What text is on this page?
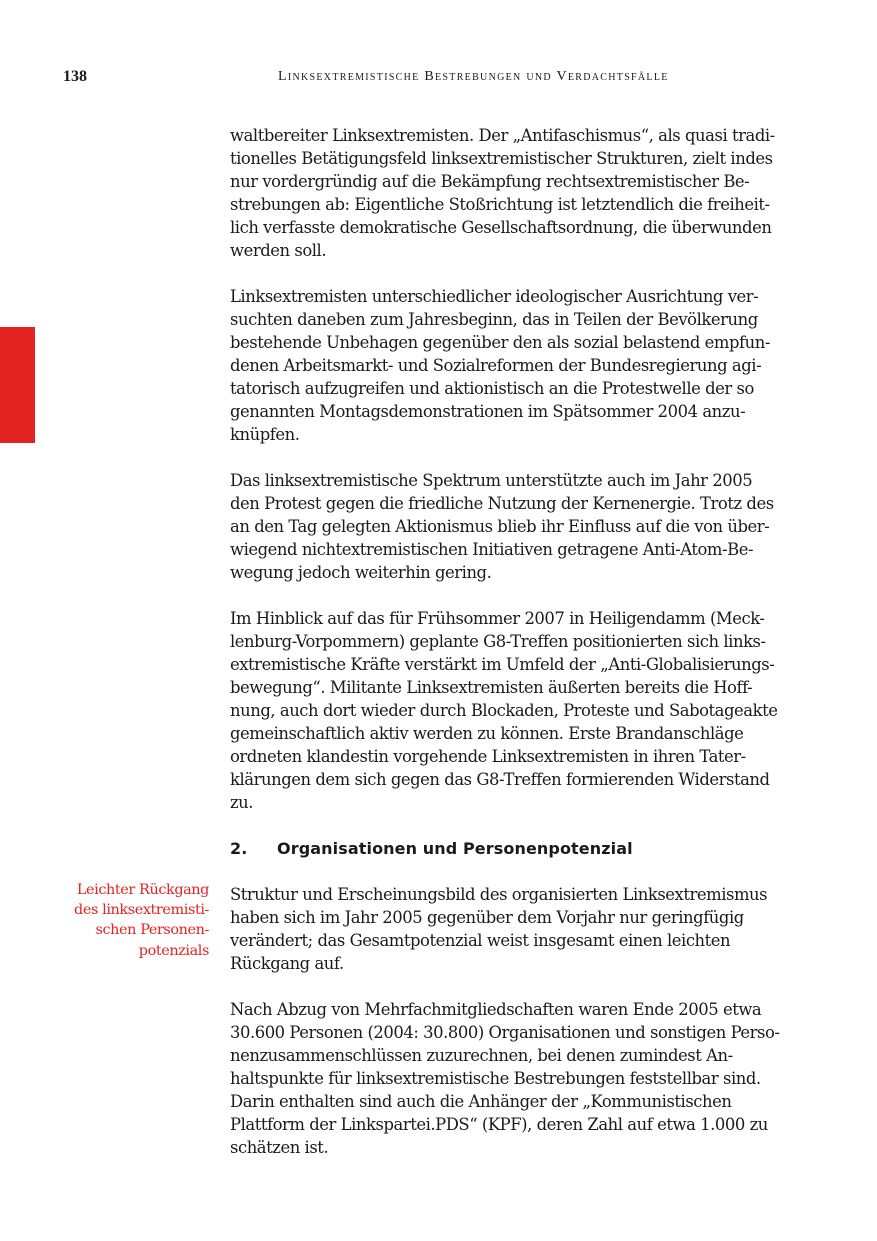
138	Linksextremistische Bestrebungen und Verdachtsfälle
Leichter Rückgang
des linksextremisti-
schen Personen-
potenzials

waltbereiter Linksextremisten. Der „Antifaschismus“, als quasi tradi-
tionelles Betätigungsfeld linksextremistischer Strukturen, zielt indes
nur vordergründig auf die Bekämpfung rechtsextremistischer Be-
strebungen ab: Eigentliche Stoßrichtung ist letztendlich die freiheit-
lich verfasste demokratische Gesellschaftsordnung, die überwunden
werden soll.

Linksextremisten unterschiedlicher ideologischer Ausrichtung ver-
suchten daneben zum Jahresbeginn, das in Teilen der Bevölkerung
bestehende Unbehagen gegenüber den als sozial belastend empfun-
denen Arbeitsmarkt- und Sozialreformen der Bundesregierung agi-
tatorisch aufzugreifen und aktionistisch an die Protestwelle der so
genannten Montagsdemonstrationen im Spätsommer 2004 anzu-
knüpfen.

Das linksextremistische Spektrum unterstützte auch im Jahr 2005
den Protest gegen die friedliche Nutzung der Kernenergie. Trotz des
an den Tag gelegten Aktionismus blieb ihr Einfluss auf die von über-
wiegend nichtextremistischen Initiativen getragene Anti-Atom-Be-
wegung jedoch weiterhin gering.

Im Hinblick auf das für Frühsommer 2007 in Heiligendamm (Meck-
lenburg-Vorpommern) geplante G8-Treffen positionierten sich links-
extremistische Kräfte verstärkt im Umfeld der „Anti-Globalisierungs-
bewegung“. Militante Linksextremisten äußerten bereits die Hoff-
nung, auch dort wieder durch Blockaden, Proteste und Sabotageakte
gemeinschaftlich aktiv werden zu können. Erste Brandanschläge
ordneten klandestin vorgehende Linksextremisten in ihren Tater-
klärungen dem sich gegen das G8-Treffen formierenden Widerstand
zu.

2. Organisationen und Personenpotenzial

Struktur und Erscheinungsbild des organisierten Linksextremismus
haben sich im Jahr 2005 gegenüber dem Vorjahr nur geringfügig
verändert; das Gesamtpotenzial weist insgesamt einen leichten
Rückgang auf.

Nach Abzug von Mehrfachmitgliedschaften waren Ende 2005 etwa
30.600 Personen (2004: 30.800) Organisationen und sonstigen Perso-
nenzusammenschlüssen zuzurechnen, bei denen zumindest An-
haltspunkte für linksextremistische Bestrebungen feststellbar sind.
Darin enthalten sind auch die Anhänger der „Kommunistischen
Plattform der Linkspartei.PDS“ (KPF), deren Zahl auf etwa 1.000 zu
schätzen ist.
